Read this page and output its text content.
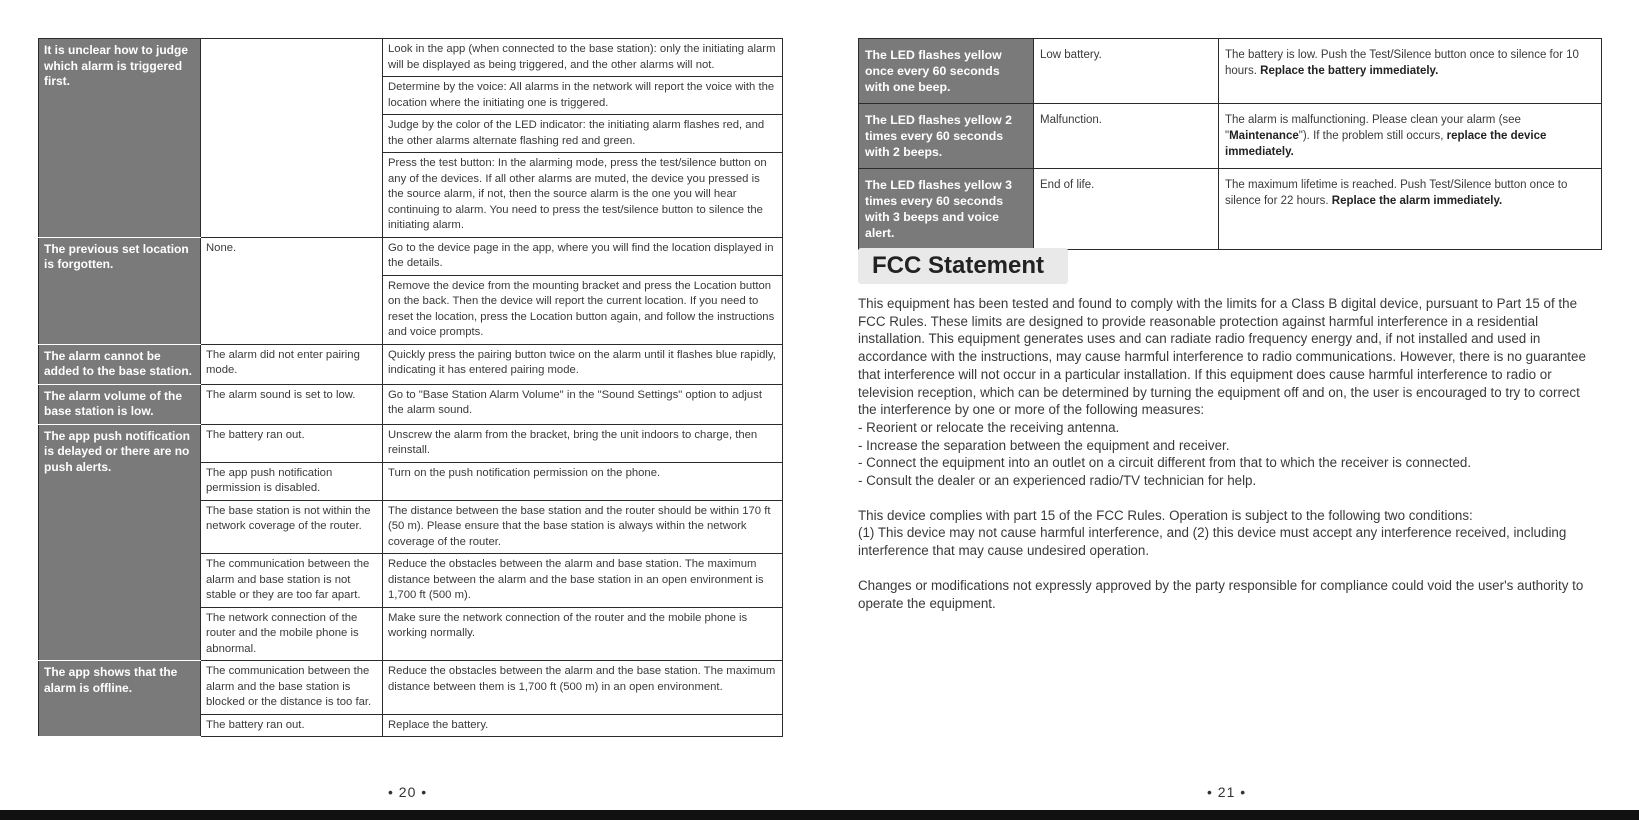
It is unclear how to judge which alarm is triggered first.		Look in the app (when connected to the base station): only the initiating alarm will be displayed as being triggered, and the other alarms will not.
		Determine by the voice: All alarms in the network will report the voice with the location where the initiating one is triggered.
		Judge by the color of the LED indicator: the initiating alarm flashes red, and the other alarms alternate flashing red and green.
		Press the test button: In the alarming mode, press the test/silence button on any of the devices. If all other alarms are muted, the device you pressed is the source alarm, if not, then the source alarm is the one you will hear continuing to alarm. You need to press the test/silence button to silence the initiating alarm.
The previous set location is forgotten.	None.	Go to the device page in the app, where you will find the location displayed in the details.
		Remove the device from the mounting bracket and press the Location button on the back. Then the device will report the current location. If you need to reset the location, press the Location button again, and follow the instructions and voice prompts.
The alarm cannot be added to the base station.	The alarm did not enter pairing mode.	Quickly press the pairing button twice on the alarm until it flashes blue rapidly, indicating it has entered pairing mode.
The alarm volume of the base station is low.	The alarm sound is set to low.	Go to "Base Station Alarm Volume" in the "Sound Settings" option to adjust the alarm sound.
The app push notification is delayed or there are no push alerts.	The battery ran out.	Unscrew the alarm from the bracket, bring the unit indoors to charge, then reinstall.
	The app push notification permission is disabled.	Turn on the push notification permission on the phone.
	The base station is not within the network coverage of the router.	The distance between the base station and the router should be within 170 ft (50 m). Please ensure that the base station is always within the network coverage of the router.
	The communication between the alarm and base station is not stable or they are too far apart.	Reduce the obstacles between the alarm and base station. The maximum distance between the alarm and the base station in an open environment is 1,700 ft (500 m).
	The network connection of the router and the mobile phone is abnormal.	Make sure the network connection of the router and the mobile phone is working normally.
The app shows that the alarm is offline.	The communication between the alarm and the base station is blocked or the distance is too far.	Reduce the obstacles between the alarm and the base station. The maximum distance between them is 1,700 ft (500 m) in an open environment.
	The battery ran out.	Replace the battery.
• 20 •
The LED flashes yellow once every 60 seconds with one beep.	Low battery.	The battery is low. Push the Test/Silence button once to silence for 10 hours. Replace the battery immediately.
The LED flashes yellow 2 times every 60 seconds with 2 beeps.	Malfunction.	The alarm is malfunctioning. Please clean your alarm (see "Maintenance"). If the problem still occurs, replace the device immediately.
The LED flashes yellow 3 times every 60 seconds with 3 beeps and voice alert.	End of life.	The maximum lifetime is reached. Push Test/Silence button once to silence for 22 hours. Replace the alarm immediately.
FCC Statement

This equipment has been tested and found to comply with the limits for a Class B digital device, pursuant to Part 15 of the FCC Rules. These limits are designed to provide reasonable protection against harmful interference in a residential installation. This equipment generates uses and can radiate radio frequency energy and, if not installed and used in accordance with the instructions, may cause harmful interference to radio communications. However, there is no guarantee that interference will not occur in a particular installation. If this equipment does cause harmful interference to radio or television reception, which can be determined by turning the equipment off and on, the user is encouraged to try to correct the interference by one or more of the following measures:

- Reorient or relocate the receiving antenna.

- Increase the separation between the equipment and receiver.

- Connect the equipment into an outlet on a circuit different from that to which the receiver is connected.

- Consult the dealer or an experienced radio/TV technician for help.

This device complies with part 15 of the FCC Rules. Operation is subject to the following two conditions:

(1) This device may not cause harmful interference, and (2) this device must accept any interference received, including interference that may cause undesired operation.

Changes or modifications not expressly approved by the party responsible for compliance could void the user's authority to operate the equipment.

• 21 •
